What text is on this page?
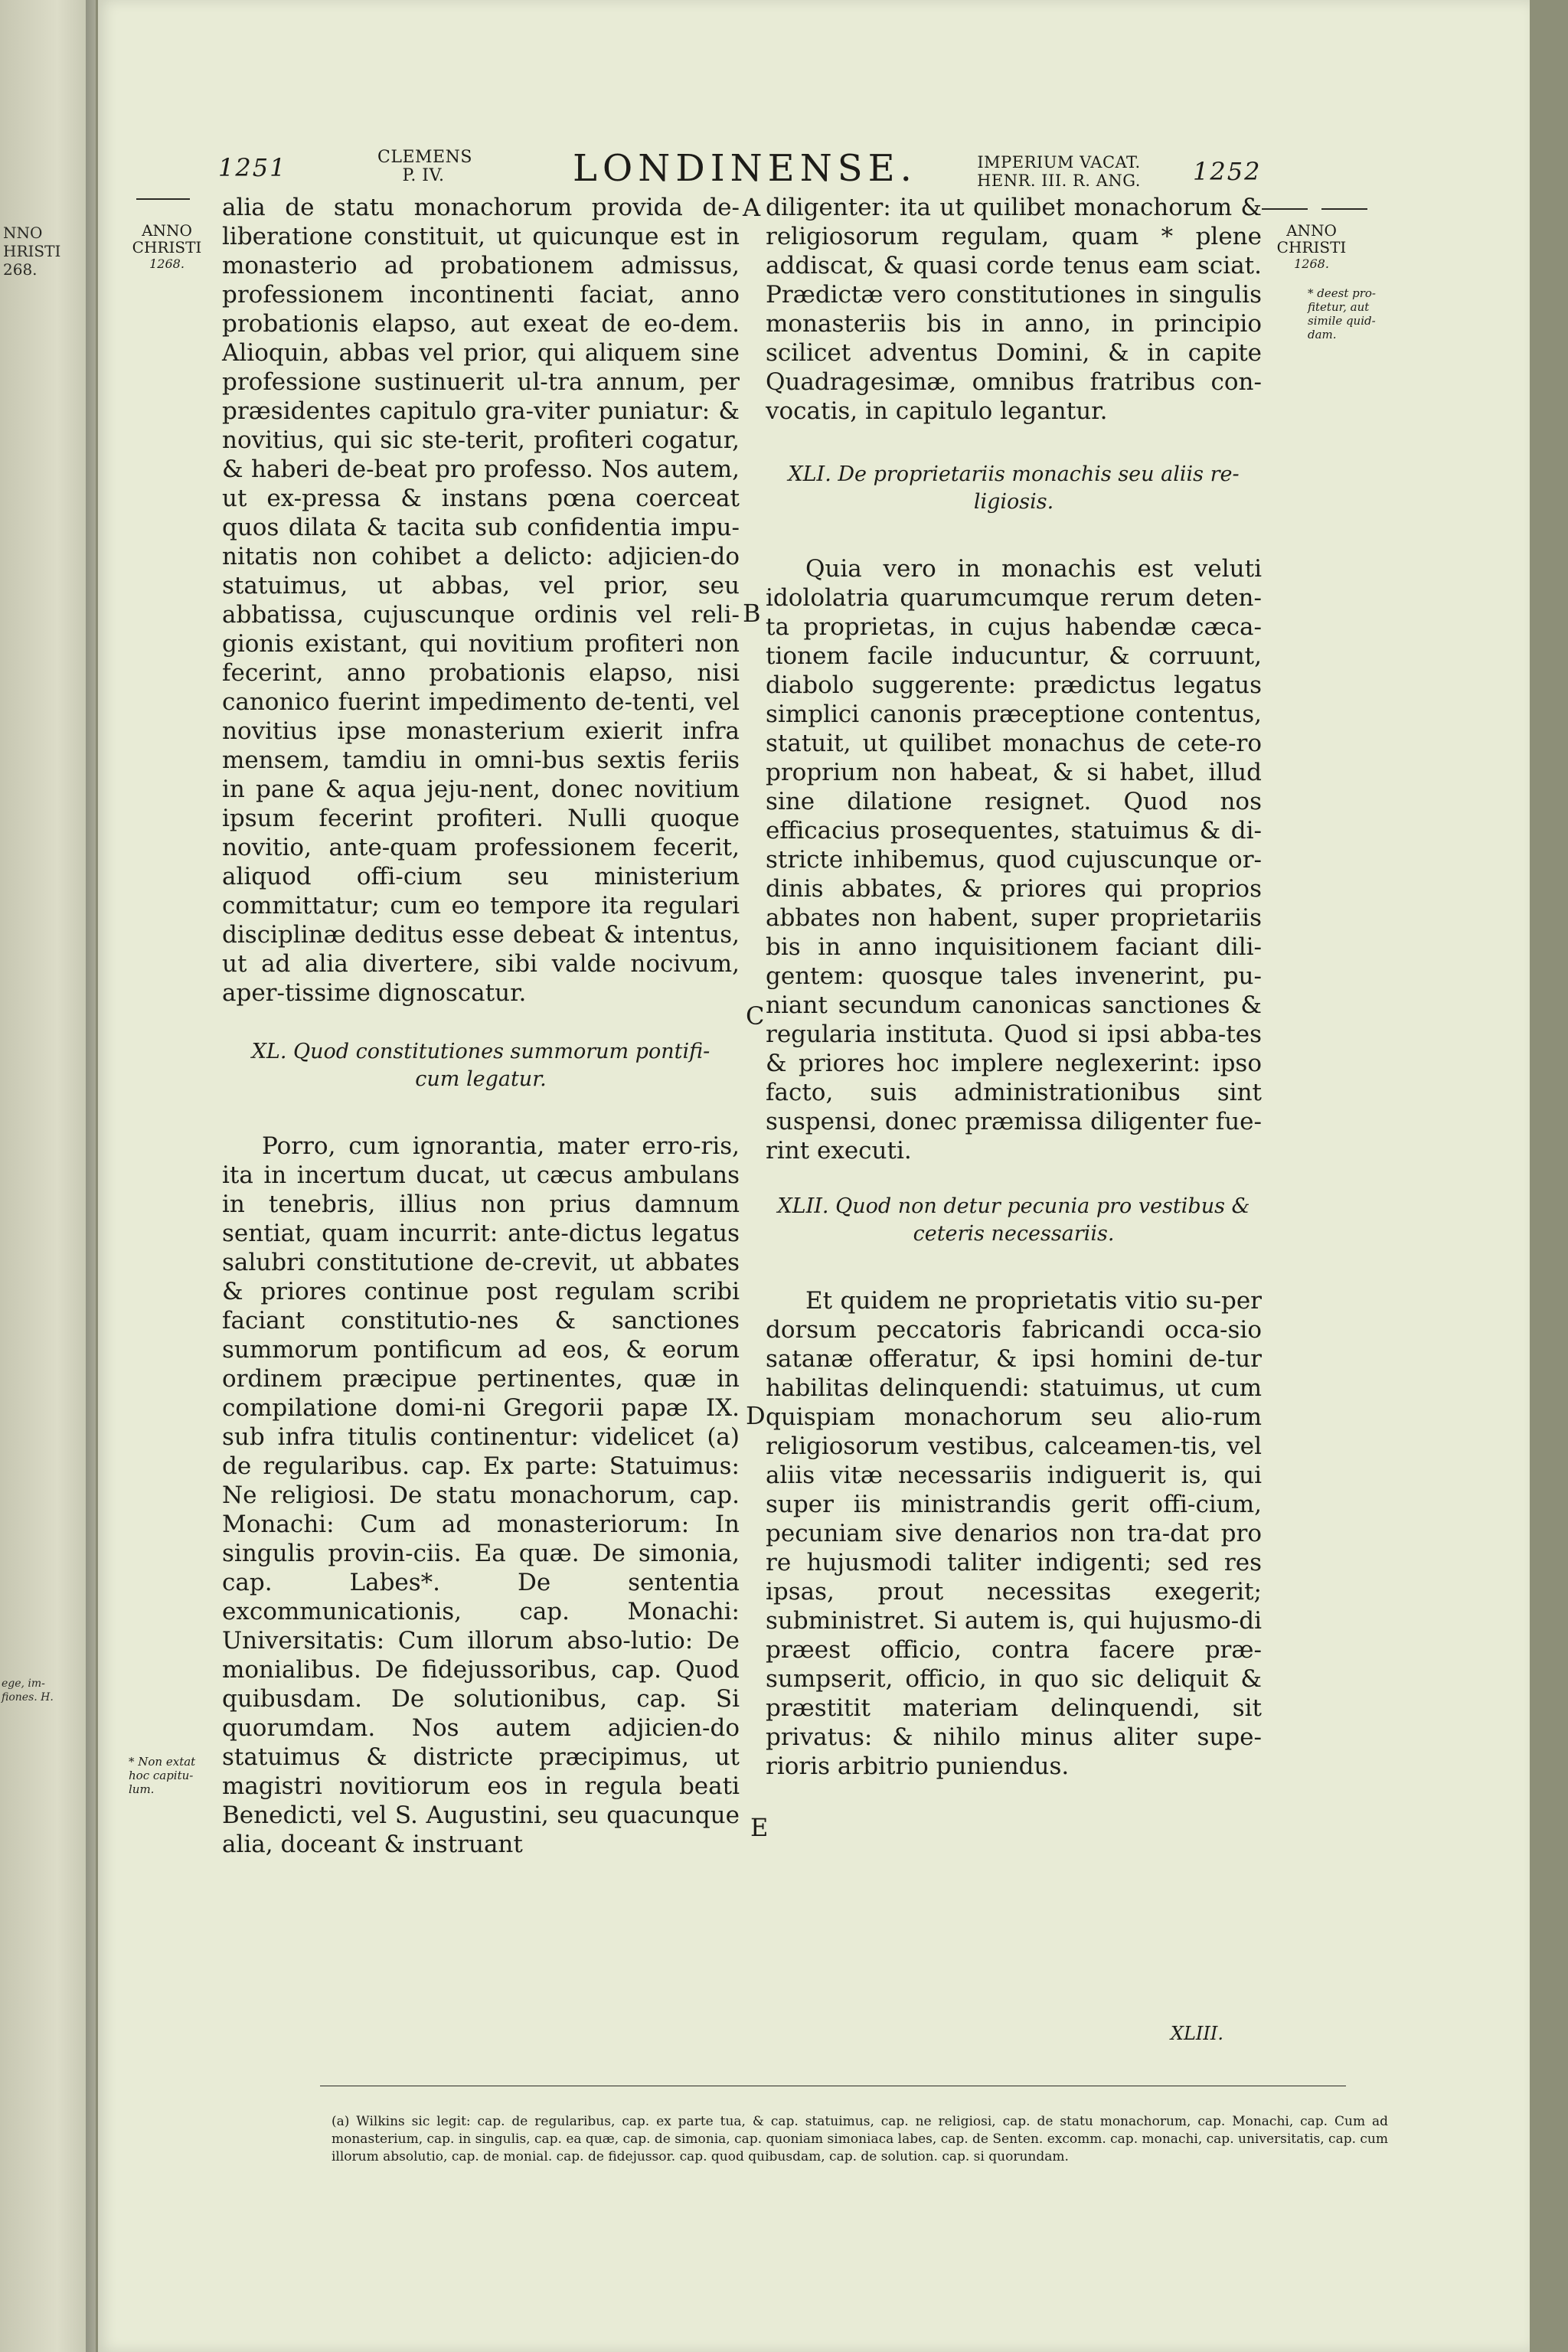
NNO
HRISTI
268.
ege, im-
fiones. H.
1251	CLEMENS
P. IV.	LONDINENSE.	IMPERIUM VACAT.
HENR. III. R. ANG.	1252
ANNO
CHRISTI
1268.
* Non extat
hoc capitu-
lum.
ANNO
CHRISTI
1268.
* deest pro-
fitetur, aut
simile quid-
dam.
A
B
C
D
E

alia de statu monachorum provida de-liberatione constituit, ut quicunque est in monasterio ad probationem admissus, professionem incontinenti faciat, anno probationis elapso, aut exeat de eo-dem. Alioquin, abbas vel prior, qui aliquem sine professione sustinuerit ul-tra annum, per præsidentes capitulo gra-viter puniatur: & novitius, qui sic ste-terit, profiteri cogatur, & haberi de-beat pro professo. Nos autem, ut ex-pressa & instans pœna coerceat quos dilata & tacita sub confidentia impu-nitatis non cohibet a delicto: adjicien-do statuimus, ut abbas, vel prior, seu abbatissa, cujuscunque ordinis vel reli-gionis existant, qui novitium profiteri non fecerint, anno probationis elapso, nisi canonico fuerint impedimento de-tenti, vel novitius ipse monasterium exierit infra mensem, tamdiu in omni-bus sextis feriis in pane & aqua jeju-nent, donec novitium ipsum fecerint profiteri. Nulli quoque novitio, ante-quam professionem fecerit, aliquod offi-cium seu ministerium committatur; cum eo tempore ita regulari disciplinæ deditus esse debeat & intentus, ut ad alia divertere, sibi valde nocivum, aper-tissime dignoscatur.

XL. Quod constitutiones summorum pontifi-cum legatur.

Porro, cum ignorantia, mater erro-ris, ita in incertum ducat, ut cæcus ambulans in tenebris, illius non prius damnum sentiat, quam incurrit: ante-dictus legatus salubri constitutione de-crevit, ut abbates & priores continue post regulam scribi faciant constitutio-nes & sanctiones summorum pontificum ad eos, & eorum ordinem præcipue pertinentes, quæ in compilatione domi-ni Gregorii papæ IX. sub infra titulis continentur: videlicet (a) de regularibus. cap. Ex parte: Statuimus: Ne religiosi. De statu monachorum, cap. Monachi: Cum ad monasteriorum: In singulis provin-ciis. Ea quæ. De simonia, cap. Labes*. De sententia excommunicationis, cap. Monachi: Universitatis: Cum illorum abso-lutio: De monialibus. De fidejussoribus, cap. Quod quibusdam. De solutionibus, cap. Si quorumdam. Nos autem adjicien-do statuimus & districte præcipimus, ut magistri novitiorum eos in regula beati Benedicti, vel S. Augustini, seu quacunque alia, doceant & instruant

diligenter: ita ut quilibet monachorum & religiosorum regulam, quam * plene addiscat, & quasi corde tenus eam sciat. Prædictæ vero constitutiones in singulis monasteriis bis in anno, in principio scilicet adventus Domini, & in capite Quadragesimæ, omnibus fratribus con-vocatis, in capitulo legantur.

XLI. De proprietariis monachis seu aliis re-ligiosis.

Quia vero in monachis est veluti idololatria quarumcumque rerum deten-ta proprietas, in cujus habendæ cæca-tionem facile inducuntur, & corruunt, diabolo suggerente: prædictus legatus simplici canonis præceptione contentus, statuit, ut quilibet monachus de cete-ro proprium non habeat, & si habet, illud sine dilatione resignet. Quod nos efficacius prosequentes, statuimus & di-stricte inhibemus, quod cujuscunque or-dinis abbates, & priores qui proprios abbates non habent, super proprietariis bis in anno inquisitionem faciant dili-gentem: quosque tales invenerint, pu-niant secundum canonicas sanctiones & regularia instituta. Quod si ipsi abba-tes & priores hoc implere neglexerint: ipso facto, suis administrationibus sint suspensi, donec præmissa diligenter fue-rint executi.

XLII. Quod non detur pecunia pro vestibus & ceteris necessariis.

Et quidem ne proprietatis vitio su-per dorsum peccatoris fabricandi occa-sio satanæ offeratur, & ipsi homini de-tur habilitas delinquendi: statuimus, ut cum quispiam monachorum seu alio-rum religiosorum vestibus, calceamen-tis, vel aliis vitæ necessariis indiguerit is, qui super iis ministrandis gerit offi-cium, pecuniam sive denarios non tra-dat pro re hujusmodi taliter indigenti; sed res ipsas, prout necessitas exegerit; subministret. Si autem is, qui hujusmo-di præest officio, contra facere præ-sumpserit, officio, in quo sic deliquit & præstitit materiam delinquendi, sit privatus: & nihilo minus aliter supe-rioris arbitrio puniendus.

XLIII.

(a) Wilkins sic legit: cap. de regularibus, cap. ex parte tua, & cap. statuimus, cap. ne religiosi, cap. de statu monachorum, cap. Monachi, cap. Cum ad monasterium, cap. in singulis, cap. ea quæ, cap. de simonia, cap. quoniam simoniaca labes, cap. de Senten. excomm. cap. monachi, cap. universitatis, cap. cum illorum absolutio, cap. de monial. cap. de fidejussor. cap. quod quibusdam, cap. de solution. cap. si quorundam.
